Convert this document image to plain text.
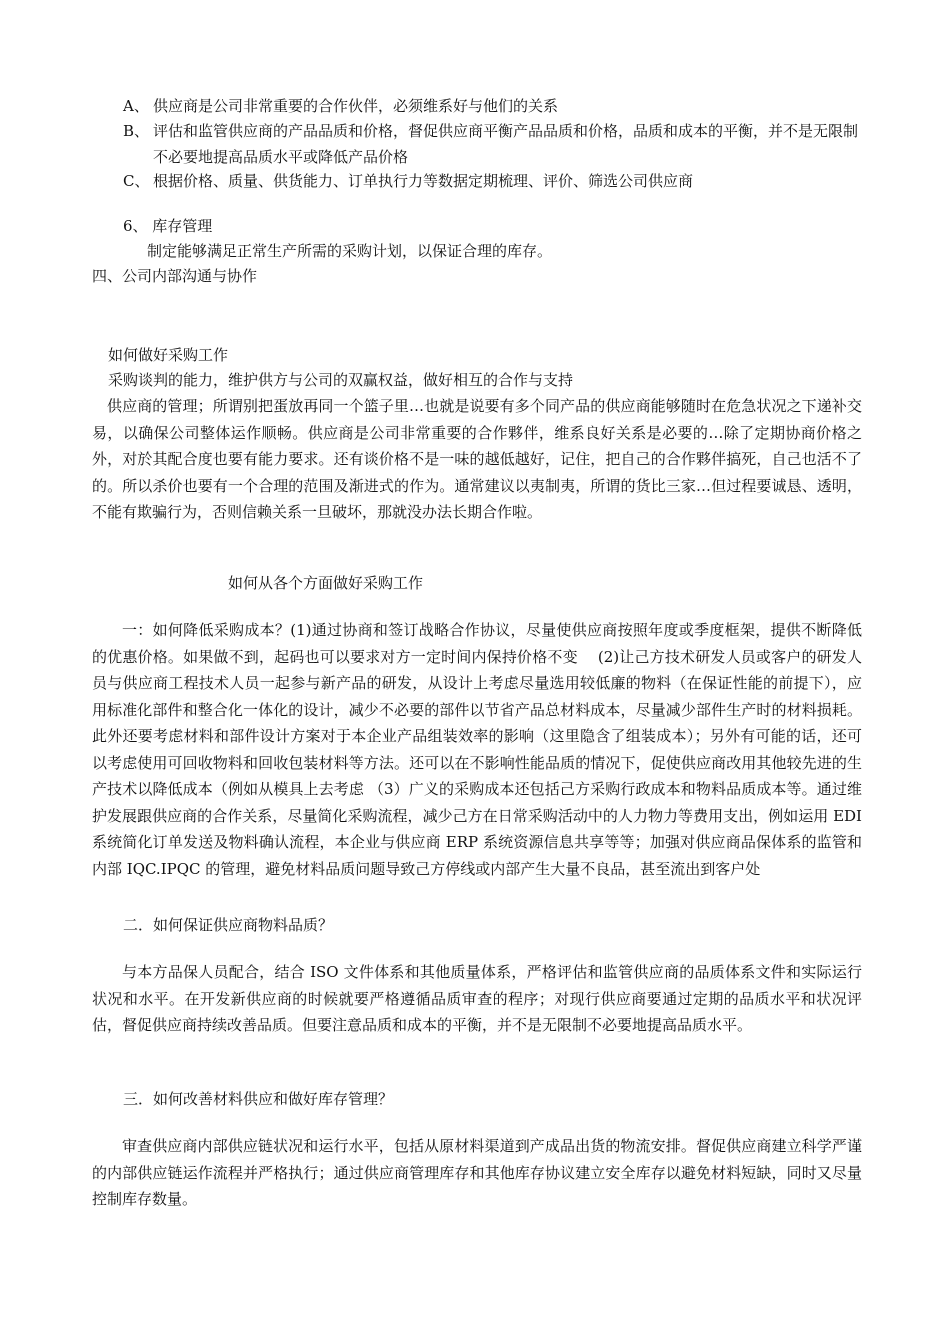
A、 供应商是公司非常重要的合作伙伴，必须维系好与他们的关系
B、 评估和监管供应商的产品品质和价格，督促供应商平衡产品品质和价格，品质和成本的平衡，并不是无限制不必要地提高品质水平或降低产品价格
C、 根据价格、质量、供货能力、订单执行力等数据定期梳理、评价、筛选公司供应商
6、 库存管理
制定能够满足正常生产所需的采购计划，以保证合理的库存。
四、公司内部沟通与协作
如何做好采购工作
采购谈判的能力，维护供方与公司的双赢权益，做好相互的合作与支持
供应商的管理；所谓别把蛋放再同一个篮子里…也就是说要有多个同产品的供应商能够随时在危急状况之下递补交易，以确保公司整体运作顺畅。供应商是公司非常重要的合作夥伴，维系良好关系是必要的…除了定期协商价格之外，对於其配合度也要有能力要求。还有谈价格不是一味的越低越好，记住，把自己的合作夥伴搞死，自己也活不了的。所以杀价也要有一个合理的范围及渐进式的作为。通常建议以夷制夷，所谓的货比三家…但过程要诚恳、透明，不能有欺骗行为，否则信赖关系一旦破坏，那就没办法长期合作啦。
如何从各个方面做好采购工作
一：如何降低采购成本？(1)通过协商和签订战略合作协议，尽量使供应商按照年度或季度框架，提供不断降低的优惠价格。如果做不到，起码也可以要求对方一定时间内保持价格不变　 (2)让己方技术研发人员或客户的研发人员与供应商工程技术人员一起参与新产品的研发，从设计上考虑尽量选用较低廉的物料（在保证性能的前提下），应用标准化部件和整合化一体化的设计，减少不必要的部件以节省产品总材料成本，尽量减少部件生产时的材料损耗。此外还要考虑材料和部件设计方案对于本企业产品组装效率的影响（这里隐含了组装成本）；另外有可能的话，还可以考虑使用可回收物料和回收包装材料等方法。还可以在不影响性能品质的情况下，促使供应商改用其他较先进的生产技术以降低成本（例如从模具上去考虑 （3）广义的采购成本还包括己方采购行政成本和物料品质成本等。通过维护发展跟供应商的合作关系，尽量简化采购流程，减少己方在日常采购活动中的人力物力等费用支出，例如运用 EDI 系统简化订单发送及物料确认流程，本企业与供应商 ERP 系统资源信息共享等等；加强对供应商品保体系的监管和内部 IQC.IPQC 的管理，避免材料品质问题导致己方停线或内部产生大量不良品，甚至流出到客户处
二．如何保证供应商物料品质？
与本方品保人员配合，结合 ISO 文件体系和其他质量体系，严格评估和监管供应商的品质体系文件和实际运行状况和水平。在开发新供应商的时候就要严格遵循品质审查的程序；对现行供应商要通过定期的品质水平和状况评估，督促供应商持续改善品质。但要注意品质和成本的平衡，并不是无限制不必要地提高品质水平。
三．如何改善材料供应和做好库存管理？
审查供应商内部供应链状况和运行水平，包括从原材料渠道到产成品出货的物流安排。督促供应商建立科学严谨的内部供应链运作流程并严格执行；通过供应商管理库存和其他库存协议建立安全库存以避免材料短缺，同时又尽量控制库存数量。
